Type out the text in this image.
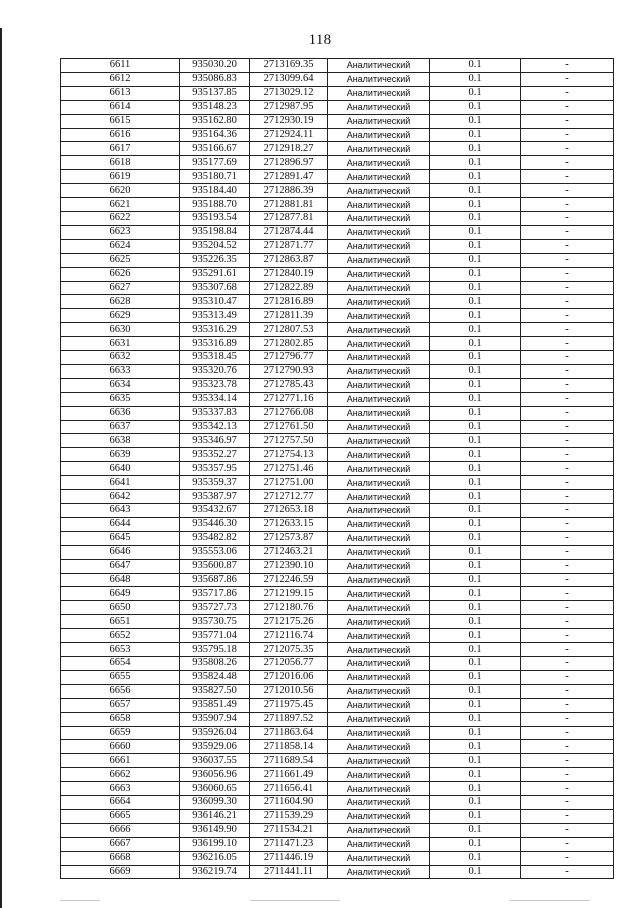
118
6611	935030.20	2713169.35	Аналитический	0.1	-
6612	935086.83	2713099.64	Аналитический	0.1	-
6613	935137.85	2713029.12	Аналитический	0.1	-
6614	935148.23	2712987.95	Аналитический	0.1	-
6615	935162.80	2712930.19	Аналитический	0.1	-
6616	935164.36	2712924.11	Аналитический	0.1	-
6617	935166.67	2712918.27	Аналитический	0.1	-
6618	935177.69	2712896.97	Аналитический	0.1	-
6619	935180.71	2712891.47	Аналитический	0.1	-
6620	935184.40	2712886.39	Аналитический	0.1	-
6621	935188.70	2712881.81	Аналитический	0.1	-
6622	935193.54	2712877.81	Аналитический	0.1	-
6623	935198.84	2712874.44	Аналитический	0.1	-
6624	935204.52	2712871.77	Аналитический	0.1	-
6625	935226.35	2712863.87	Аналитический	0.1	-
6626	935291.61	2712840.19	Аналитический	0.1	-
6627	935307.68	2712822.89	Аналитический	0.1	-
6628	935310.47	2712816.89	Аналитический	0.1	-
6629	935313.49	2712811.39	Аналитический	0.1	-
6630	935316.29	2712807.53	Аналитический	0.1	-
6631	935316.89	2712802.85	Аналитический	0.1	-
6632	935318.45	2712796.77	Аналитический	0.1	-
6633	935320.76	2712790.93	Аналитический	0.1	-
6634	935323.78	2712785.43	Аналитический	0.1	-
6635	935334.14	2712771.16	Аналитический	0.1	-
6636	935337.83	2712766.08	Аналитический	0.1	-
6637	935342.13	2712761.50	Аналитический	0.1	-
6638	935346.97	2712757.50	Аналитический	0.1	-
6639	935352.27	2712754.13	Аналитический	0.1	-
6640	935357.95	2712751.46	Аналитический	0.1	-
6641	935359.37	2712751.00	Аналитический	0.1	-
6642	935387.97	2712712.77	Аналитический	0.1	-
6643	935432.67	2712653.18	Аналитический	0.1	-
6644	935446.30	2712633.15	Аналитический	0.1	-
6645	935482.82	2712573.87	Аналитический	0.1	-
6646	935553.06	2712463.21	Аналитический	0.1	-
6647	935600.87	2712390.10	Аналитический	0.1	-
6648	935687.86	2712246.59	Аналитический	0.1	-
6649	935717.86	2712199.15	Аналитический	0.1	-
6650	935727.73	2712180.76	Аналитический	0.1	-
6651	935730.75	2712175.26	Аналитический	0.1	-
6652	935771.04	2712116.74	Аналитический	0.1	-
6653	935795.18	2712075.35	Аналитический	0.1	-
6654	935808.26	2712056.77	Аналитический	0.1	-
6655	935824.48	2712016.06	Аналитический	0.1	-
6656	935827.50	2712010.56	Аналитический	0.1	-
6657	935851.49	2711975.45	Аналитический	0.1	-
6658	935907.94	2711897.52	Аналитический	0.1	-
6659	935926.04	2711863.64	Аналитический	0.1	-
6660	935929.06	2711858.14	Аналитический	0.1	-
6661	936037.55	2711689.54	Аналитический	0.1	-
6662	936056.96	2711661.49	Аналитический	0.1	-
6663	936060.65	2711656.41	Аналитический	0.1	-
6664	936099.30	2711604.90	Аналитический	0.1	-
6665	936146.21	2711539.29	Аналитический	0.1	-
6666	936149.90	2711534.21	Аналитический	0.1	-
6667	936199.10	2711471.23	Аналитический	0.1	-
6668	936216.05	2711446.19	Аналитический	0.1	-
6669	936219.74	2711441.11	Аналитический	0.1	-
